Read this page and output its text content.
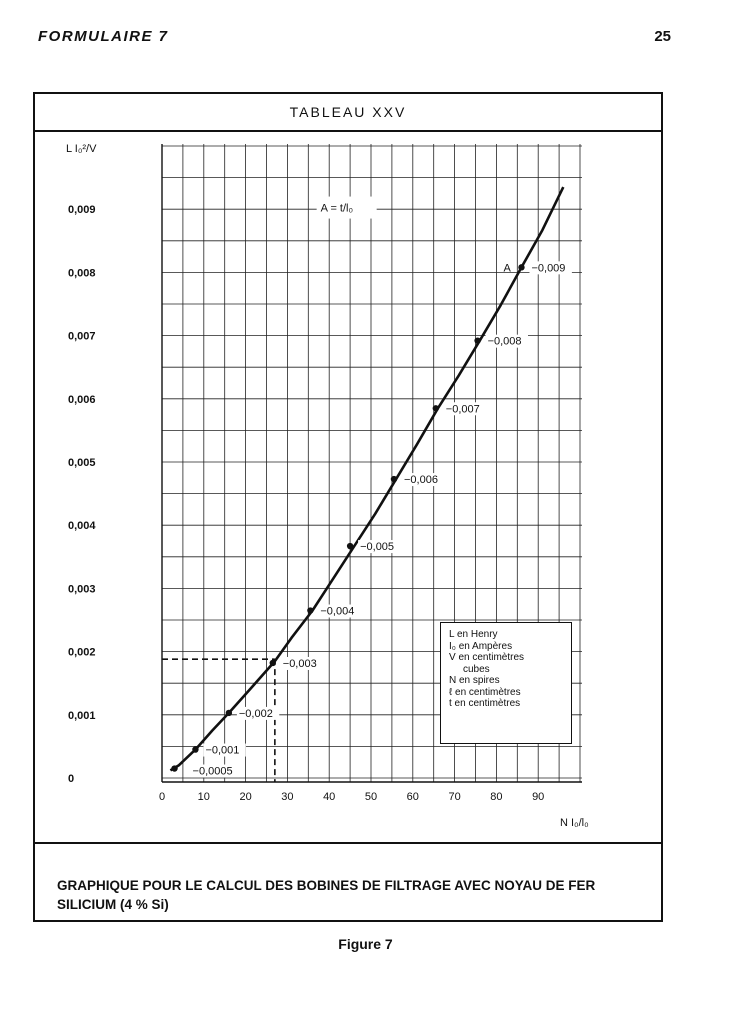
FORMULAIRE 7	25
TABLEAU XXV
GRAPHIQUE POUR LE CALCUL DES BOBINES DE FILTRAGE AVEC NOYAU DE FER SILICIUM (4 % Si)
0
0,001
0,002
0,003
0,004
0,005
0,006
0,007
0,008
0,009
0	10	20	30	40	50	60	70	80	90
L I₀²/V
N I₀/l₀
A = t/l₀
−0,0005
−0,001
−0,002
−0,003
−0,004
−0,005
−0,006
−0,007
−0,008
−0,009
A
L en Henry
I₀ en Ampères
V en centimètres
cubes
N en spires
ℓ en centimètres
t en centimètres
Figure 7
